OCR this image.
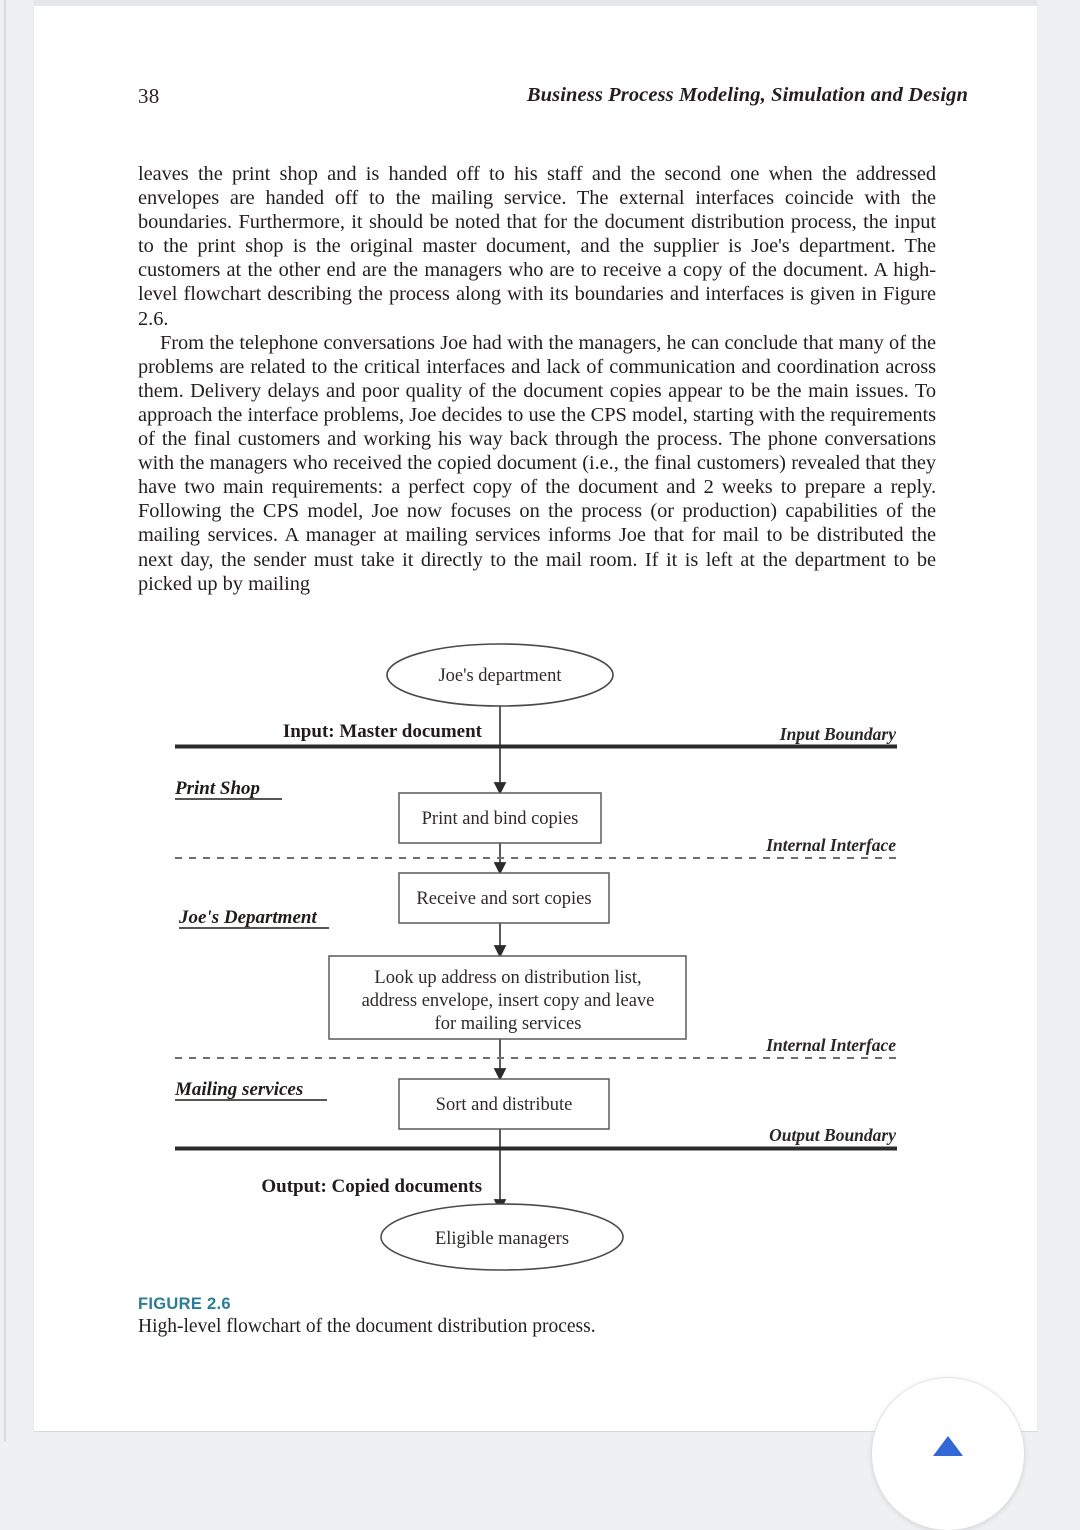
38	Business Process Modeling, Simulation and Design

leaves the print shop and is handed off to his staff and the second one when the addressed envelopes are handed off to the mailing service. The external interfaces coincide with the boundaries. Furthermore, it should be noted that for the document distribution process, the input to the print shop is the original master document, and the supplier is Joe's department. The customers at the other end are the managers who are to receive a copy of the document. A high-level flowchart describing the process along with its boundaries and interfaces is given in Figure 2.6.

From the telephone conversations Joe had with the managers, he can conclude that many of the problems are related to the critical interfaces and lack of communication and coordination across them. Delivery delays and poor quality of the document copies appear to be the main issues. To approach the interface problems, Joe decides to use the CPS model, starting with the requirements of the final customers and working his way back through the process. The phone conversations with the managers who received the copied document (i.e., the final customers) revealed that they have two main requirements: a perfect copy of the document and 2 weeks to prepare a reply. Following the CPS model, Joe now focuses on the process (or production) capabilities of the mailing services. A manager at mailing services informs Joe that for mail to be distributed the next day, the sender must take it directly to the mail room. If it is left at the department to be picked up by mailing

Joe's department
Input: Master document	Input Boundary
Print Shop
Print and bind copies
Internal Interface
Receive and sort copies
Joe's Department
Look up address on distribution list,
address envelope, insert copy and leave
for mailing services
Internal Interface
Mailing services
Sort and distribute
Output Boundary
Output: Copied documents
Eligible managers
FIGURE 2.6
High-level flowchart of the document distribution process.
